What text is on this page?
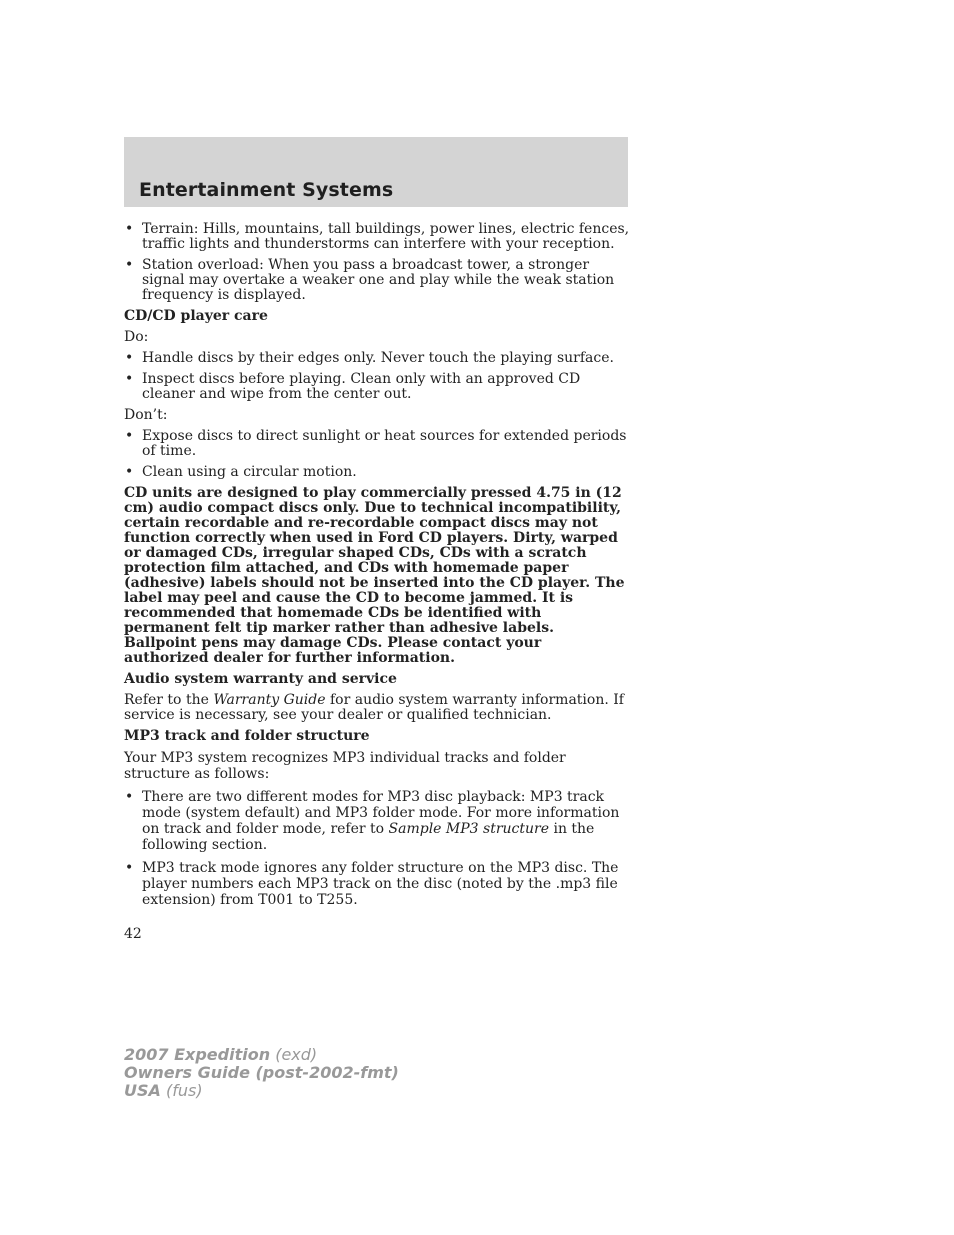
Entertainment Systems
• Terrain: Hills, mountains, tall buildings, power lines, electric fences, traffic lights and thunderstorms can interfere with your reception.
• Station overload: When you pass a broadcast tower, a stronger signal may overtake a weaker one and play while the weak station frequency is displayed.
CD/CD player care
Do:
• Handle discs by their edges only. Never touch the playing surface.
• Inspect discs before playing. Clean only with an approved CD cleaner and wipe from the center out.
Don’t:
• Expose discs to direct sunlight or heat sources for extended periods of time.
• Clean using a circular motion.
CD units are designed to play commercially pressed 4.75 in (12 cm) audio compact discs only. Due to technical incompatibility, certain recordable and re-recordable compact discs may not function correctly when used in Ford CD players. Dirty, warped or damaged CDs, irregular shaped CDs, CDs with a scratch protection film attached, and CDs with homemade paper (adhesive) labels should not be inserted into the CD player. The label may peel and cause the CD to become jammed. It is recommended that homemade CDs be identified with permanent felt tip marker rather than adhesive labels. Ballpoint pens may damage CDs. Please contact your authorized dealer for further information.
Audio system warranty and service
Refer to the Warranty Guide for audio system warranty information. If service is necessary, see your dealer or qualified technician.
MP3 track and folder structure
Your MP3 system recognizes MP3 individual tracks and folder structure as follows:
• There are two different modes for MP3 disc playback: MP3 track mode (system default) and MP3 folder mode. For more information on track and folder mode, refer to Sample MP3 structure in the following section.
• MP3 track mode ignores any folder structure on the MP3 disc. The player numbers each MP3 track on the disc (noted by the .mp3 file extension) from T001 to T255.
42
2007 Expedition (exd)
Owners Guide (post-2002-fmt)
USA (fus)
